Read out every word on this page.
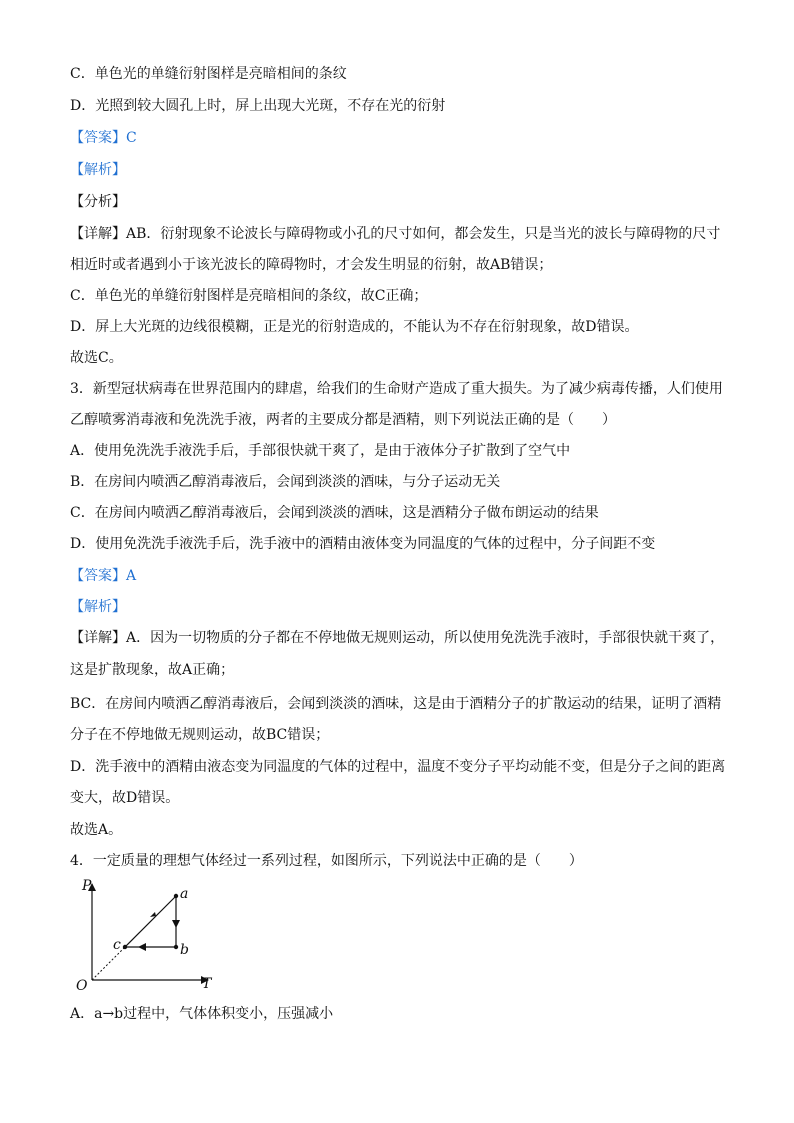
C．单色光的单缝衍射图样是亮暗相间的条纹
D．光照到较大圆孔上时，屏上出现大光斑，不存在光的衍射
【答案】C
【解析】
【分析】
【详解】AB．衍射现象不论波长与障碍物或小孔的尺寸如何，都会发生，只是当光的波长与障碍物的尺寸
相近时或者遇到小于该光波长的障碍物时，才会发生明显的衍射，故AB错误；
C．单色光的单缝衍射图样是亮暗相间的条纹，故C正确；
D．屏上大光斑的边线很模糊，正是光的衍射造成的，不能认为不存在衍射现象，故D错误。
故选C。
3．新型冠状病毒在世界范围内的肆虐，给我们的生命财产造成了重大损失。为了减少病毒传播，人们使用
乙醇喷雾消毒液和免洗洗手液，两者的主要成分都是酒精，则下列说法正确的是（　　）
A．使用免洗洗手液洗手后，手部很快就干爽了，是由于液体分子扩散到了空气中
B．在房间内喷洒乙醇消毒液后，会闻到淡淡的酒味，与分子运动无关
C．在房间内喷洒乙醇消毒液后，会闻到淡淡的酒味，这是酒精分子做布朗运动的结果
D．使用免洗洗手液洗手后，洗手液中的酒精由液体变为同温度的气体的过程中，分子间距不变
【答案】A
【解析】
【详解】A．因为一切物质的分子都在不停地做无规则运动，所以使用免洗洗手液时，手部很快就干爽了，
这是扩散现象，故A正确；
BC．在房间内喷洒乙醇消毒液后，会闻到淡淡的酒味，这是由于酒精分子的扩散运动的结果，证明了酒精
分子在不停地做无规则运动，故BC错误；
D．洗手液中的酒精由液态变为同温度的气体的过程中，温度不变分子平均动能不变，但是分子之间的距离
变大，故D错误。
故选A。
4．一定质量的理想气体经过一系列过程，如图所示，下列说法中正确的是（　　）
P
T
O
a
b
c
A．a→b过程中，气体体积变小，压强减小
